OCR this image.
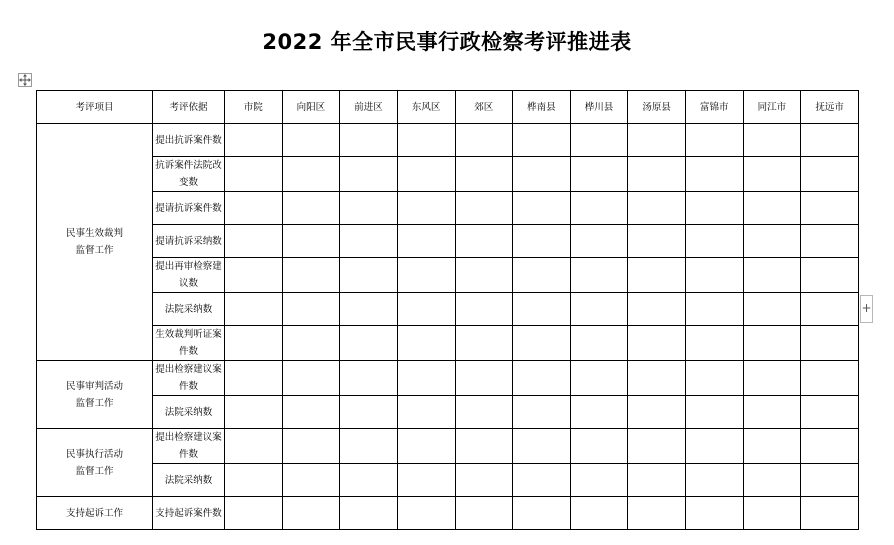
2022 年全市民事行政检察考评推进表
+
考评项目	考评依据	市院	向阳区	前进区	东风区	郊区	桦南县	桦川县	汤原县	富锦市	同江市	抚远市
民事生效裁判监督工作	提出抗诉案件数											
	抗诉案件法院改变数											
	提请抗诉案件数											
	提请抗诉采纳数											
	提出再审检察建议数											
	法院采纳数											
	生效裁判听证案件数											
民事审判活动监督工作	提出检察建议案件数											
	法院采纳数											
民事执行活动监督工作	提出检察建议案件数											
	法院采纳数											
支持起诉工作	支持起诉案件数											
